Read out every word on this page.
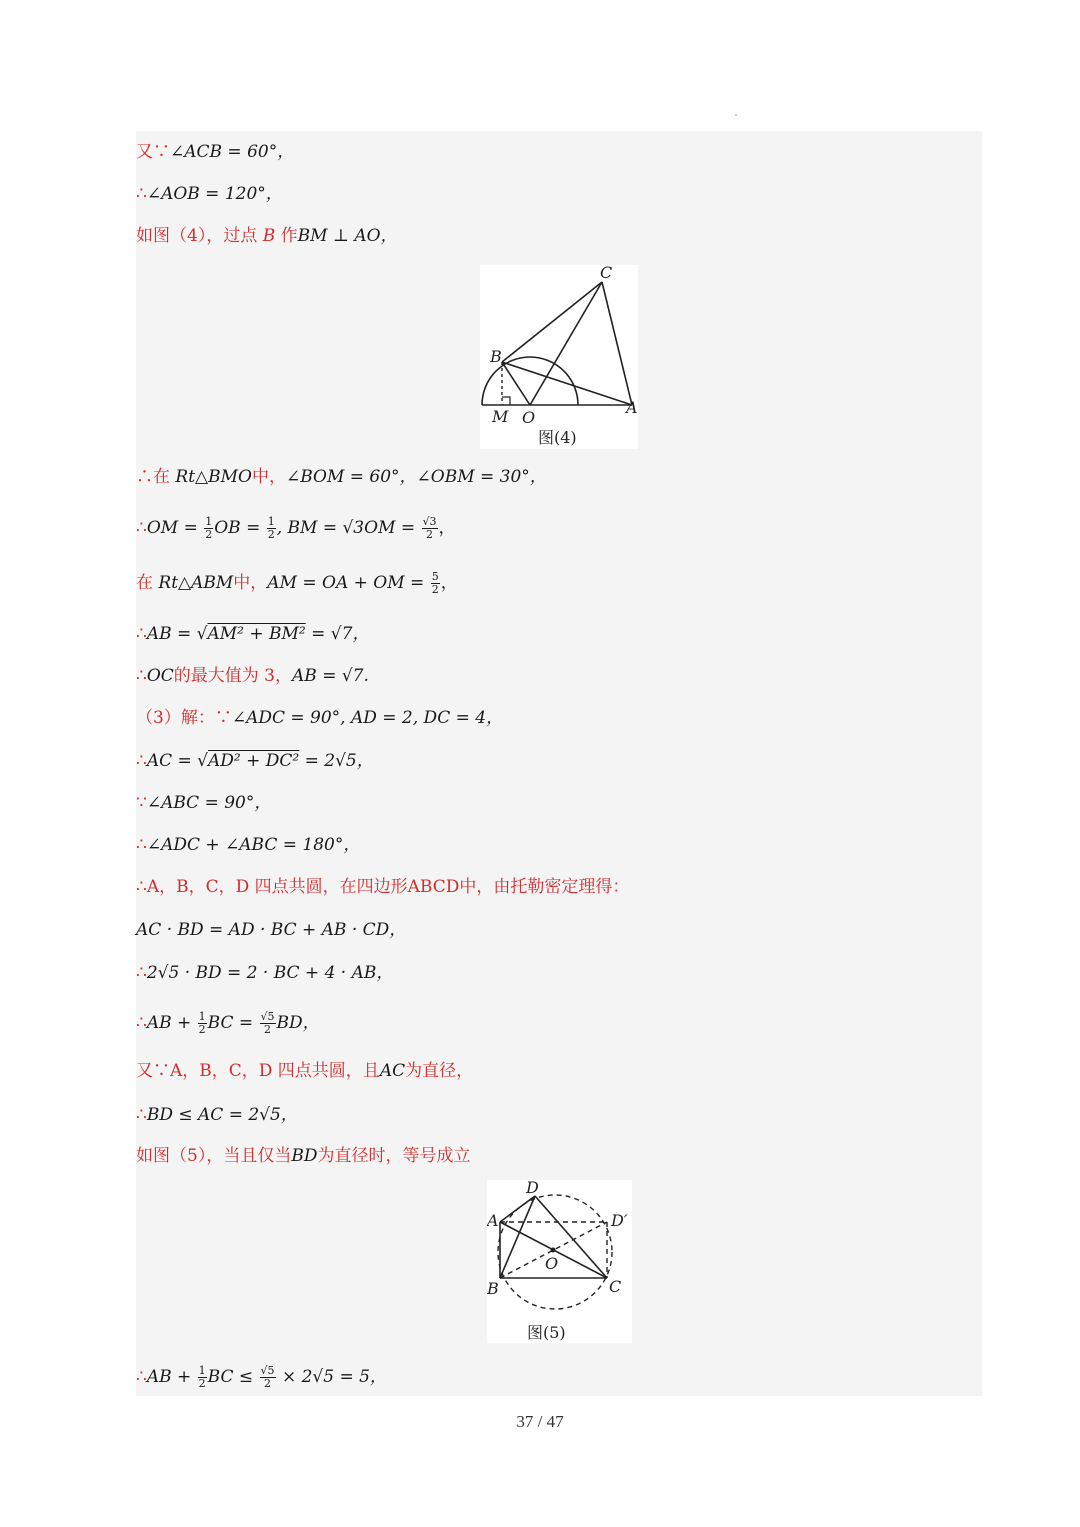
又∵∠ACB = 60°，
∴∠AOB = 120°，
如图（4），过点 B 作BM ⊥ AO，
C
B
M O
A
图(4)
∴在 Rt△BMO中，∠BOM = 60°，∠OBM = 30°，
∴OM = $\frac{1}{2}$ OB = $\frac{1}{2}$ , BM = $√3OM = \frac{√3}{2}$ ，
在 Rt△ABM中，AM = OA + OM = $\frac{5}{2}$ ，
∴AB = √AM² + BM² = √7，
∴OC的最大值为 3，AB = √7.
（3）解：∵∠ADC = 90°, AD = 2, DC = 4，
∴AC = √AD² + DC² = 2√5，
∵∠ABC = 90°，
∴∠ADC + ∠ABC = 180°，
∴A，B，C，D 四点共圆，在四边形ABCD中，由托勒密定理得：
AC · BD = AD · BC + AB · CD，
∴2√5 · BD = 2 · BC + 4 · AB，
∴AB + $\frac{1}{2}$ BC = $\frac{√5}{2}$ BD，
又∵A，B，C，D 四点共圆，且AC为直径，
∴BD ≤ AC = 2√5，
如图（5），当且仅当BD为直径时，等号成立
D
A	D′
O
B	C
图(5)
∴AB + $\frac{1}{2}$ BC ≤ $\frac{√5}{2} \times 2√5 = 5$，
37 / 47
